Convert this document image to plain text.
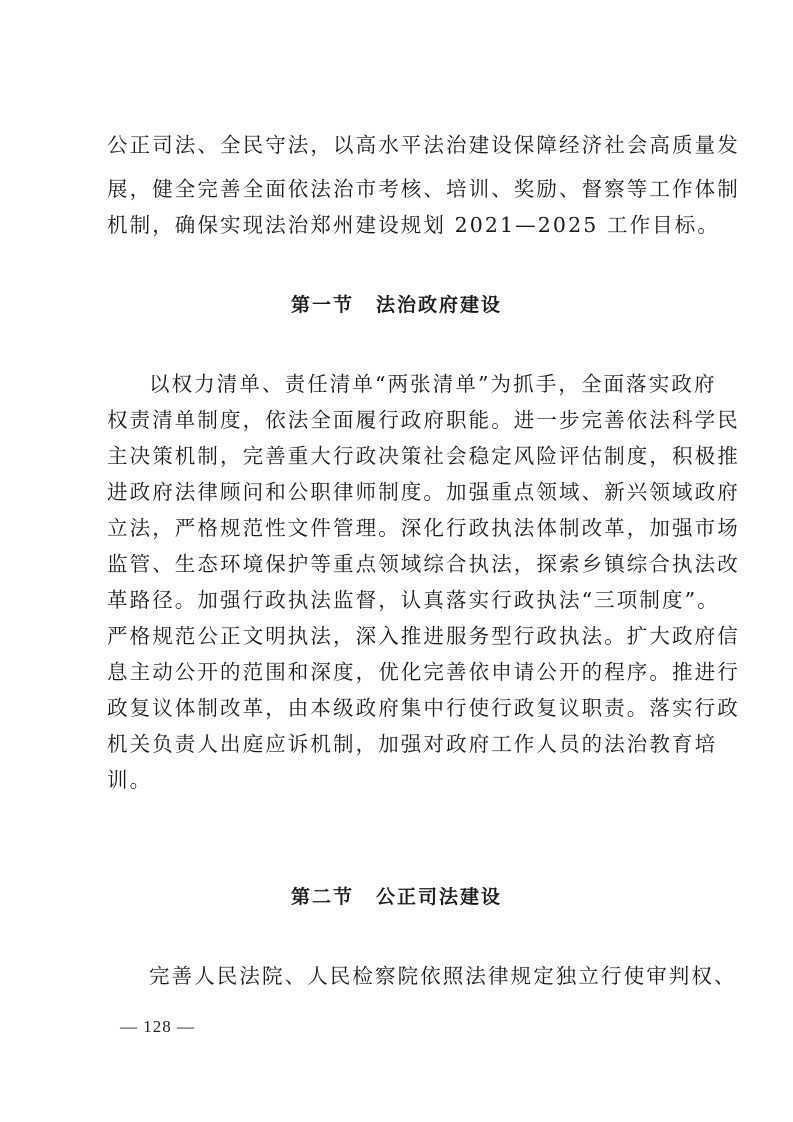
公正司法、全民守法，以高水平法治建设保障经济社会高质量发

展，健全完善全面依法治市考核、培训、奖励、督察等工作体制

机制，确保实现法治郑州建设规划 2021—2025 工作目标。

第一节 法治政府建设

以权力清单、责任清单“两张清单”为抓手，全面落实政府

权责清单制度，依法全面履行政府职能。进一步完善依法科学民

主决策机制，完善重大行政决策社会稳定风险评估制度，积极推

进政府法律顾问和公职律师制度。加强重点领域、新兴领域政府

立法，严格规范性文件管理。深化行政执法体制改革，加强市场

监管、生态环境保护等重点领域综合执法，探索乡镇综合执法改

革路径。加强行政执法监督，认真落实行政执法“三项制度”。

严格规范公正文明执法，深入推进服务型行政执法。扩大政府信

息主动公开的范围和深度，优化完善依申请公开的程序。推进行

政复议体制改革，由本级政府集中行使行政复议职责。落实行政

机关负责人出庭应诉机制，加强对政府工作人员的法治教育培

训。

第二节 公正司法建设

完善人民法院、人民检察院依照法律规定独立行使审判权、

— 128 —
